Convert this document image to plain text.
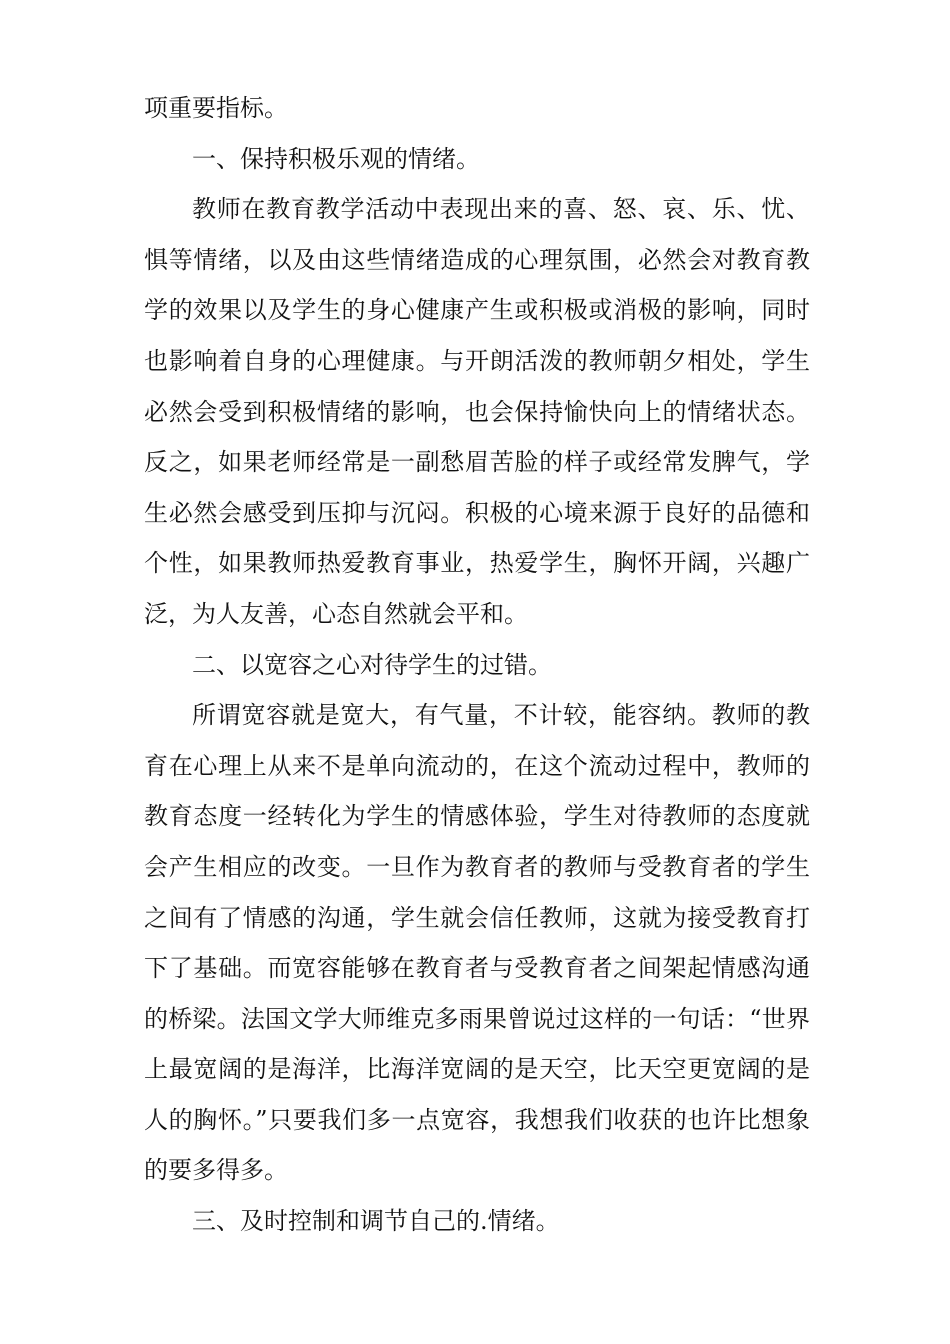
项重要指标。

一、保持积极乐观的情绪。

教师在教育教学活动中表现出来的喜、怒、哀、乐、忧、惧等情绪，以及由这些情绪造成的心理氛围，必然会对教育教学的效果以及学生的身心健康产生或积极或消极的影响，同时也影响着自身的心理健康。与开朗活泼的教师朝夕相处，学生必然会受到积极情绪的影响，也会保持愉快向上的情绪状态。反之，如果老师经常是一副愁眉苦脸的样子或经常发脾气，学生必然会感受到压抑与沉闷。积极的心境来源于良好的品德和个性，如果教师热爱教育事业，热爱学生，胸怀开阔，兴趣广泛，为人友善，心态自然就会平和。

二、以宽容之心对待学生的过错。

所谓宽容就是宽大，有气量，不计较，能容纳。教师的教育在心理上从来不是单向流动的，在这个流动过程中，教师的教育态度一经转化为学生的情感体验，学生对待教师的态度就会产生相应的改变。一旦作为教育者的教师与受教育者的学生之间有了情感的沟通，学生就会信任教师，这就为接受教育打下了基础。而宽容能够在教育者与受教育者之间架起情感沟通的桥梁。法国文学大师维克多雨果曾说过这样的一句话：“世界上最宽阔的是海洋，比海洋宽阔的是天空，比天空更宽阔的是人的胸怀。”只要我们多一点宽容，我想我们收获的也许比想象的要多得多。

三、及时控制和调节自己的.情绪。
